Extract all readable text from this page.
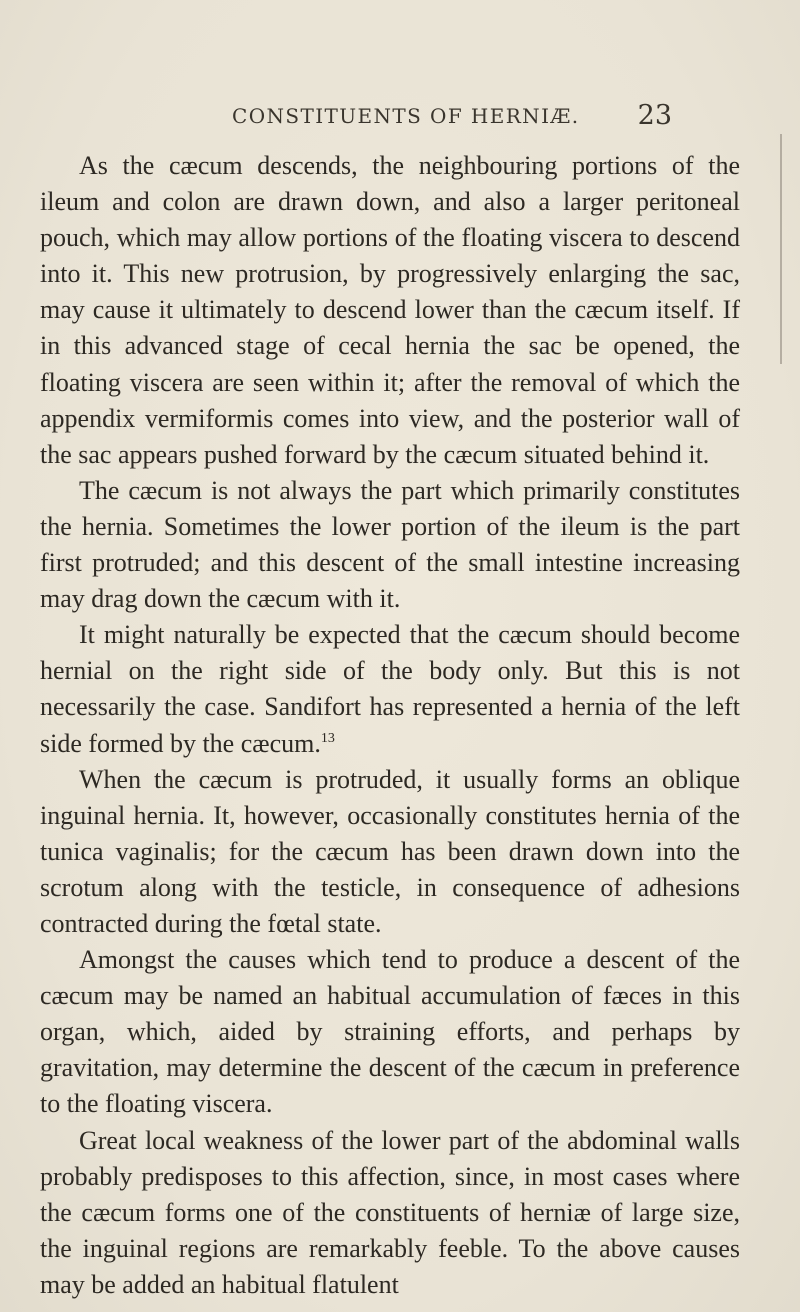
CONSTITUENTS OF HERNIÆ. 23

As the cæcum descends, the neighbouring portions of the ileum and colon are drawn down, and also a larger peritoneal pouch, which may allow portions of the floating viscera to descend into it. This new protrusion, by progressively enlarging the sac, may cause it ultimately to descend lower than the cæcum itself. If in this advanced stage of cecal hernia the sac be opened, the floating viscera are seen within it; after the removal of which the appendix vermiformis comes into view, and the posterior wall of the sac appears pushed forward by the cæcum situated behind it.

The cæcum is not always the part which primarily constitutes the hernia. Sometimes the lower portion of the ileum is the part first protruded; and this descent of the small intestine increasing may drag down the cæcum with it.

It might naturally be expected that the cæcum should become hernial on the right side of the body only. But this is not necessarily the case. Sandifort has represented a hernia of the left side formed by the cæcum.$^{13}$

When the cæcum is protruded, it usually forms an oblique inguinal hernia. It, however, occasionally constitutes hernia of the tunica vaginalis; for the cæcum has been drawn down into the scrotum along with the testicle, in consequence of adhesions contracted during the fœtal state.

Amongst the causes which tend to produce a descent of the cæcum may be named an habitual accumulation of fæces in this organ, which, aided by straining efforts, and perhaps by gravitation, may determine the descent of the cæcum in preference to the floating viscera.

Great local weakness of the lower part of the abdominal walls probably predisposes to this affection, since, in most cases where the cæcum forms one of the constituents of herniæ of large size, the inguinal regions are remarkably feeble. To the above causes may be added an habitual flatulent
